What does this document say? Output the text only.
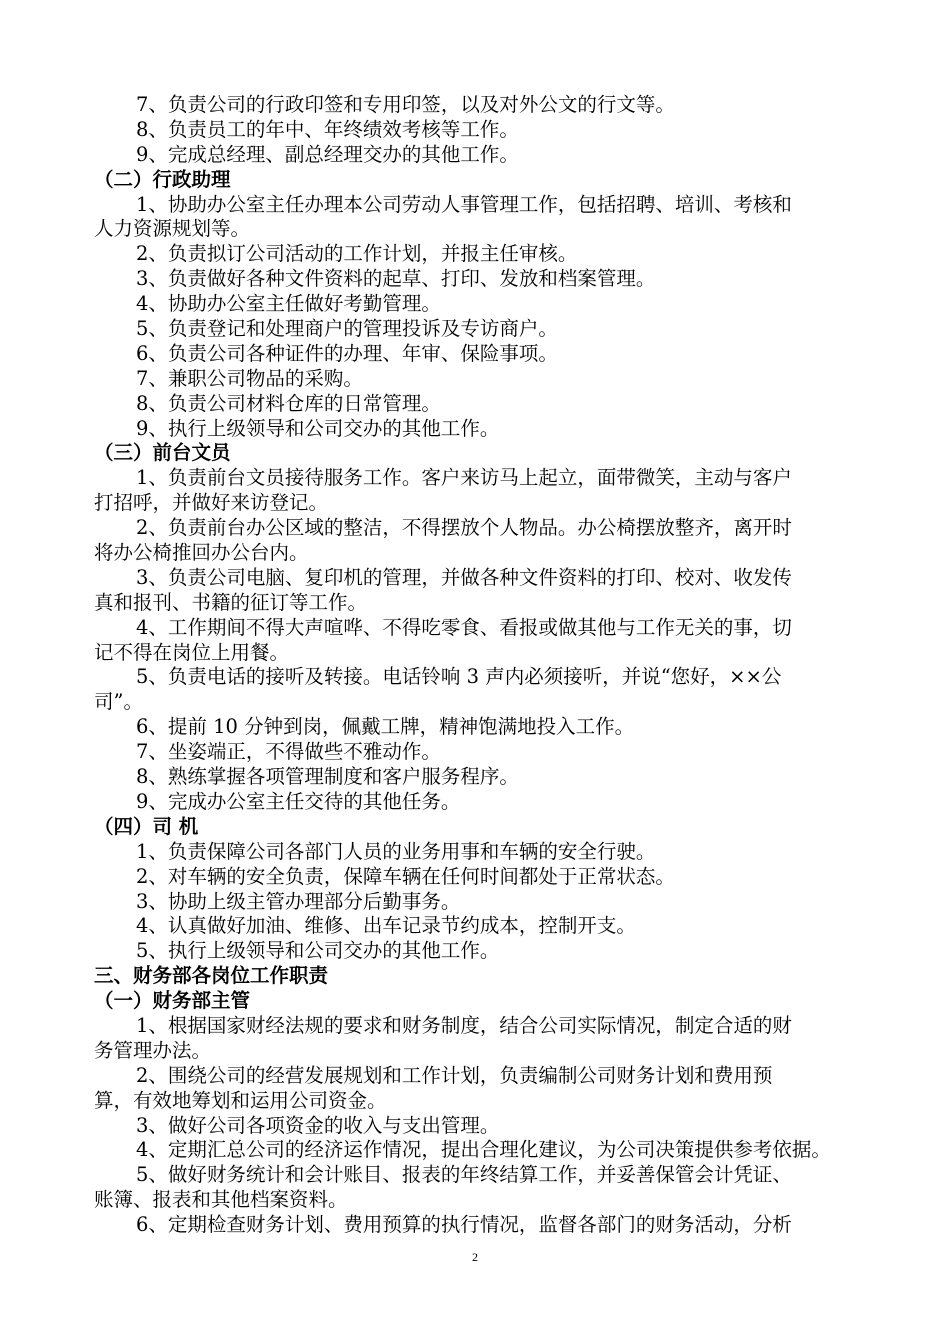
7、负责公司的行政印签和专用印签，以及对外公文的行文等。
8、负责员工的年中、年终绩效考核等工作。
9、完成总经理、副总经理交办的其他工作。
（二）行政助理
1、协助办公室主任办理本公司劳动人事管理工作，包括招聘、培训、考核和
人力资源规划等。
2、负责拟订公司活动的工作计划，并报主任审核。
3、负责做好各种文件资料的起草、打印、发放和档案管理。
4、协助办公室主任做好考勤管理。
5、负责登记和处理商户的管理投诉及专访商户。
6、负责公司各种证件的办理、年审、保险事项。
7、兼职公司物品的采购。
8、负责公司材料仓库的日常管理。
9、执行上级领导和公司交办的其他工作。
（三）前台文员
1、负责前台文员接待服务工作。客户来访马上起立，面带微笑，主动与客户
打招呼，并做好来访登记。
2、负责前台办公区域的整洁，不得摆放个人物品。办公椅摆放整齐，离开时
将办公椅推回办公台内。
3、负责公司电脑、复印机的管理，并做各种文件资料的打印、校对、收发传
真和报刊、书籍的征订等工作。
4、工作期间不得大声喧哗、不得吃零食、看报或做其他与工作无关的事，切
记不得在岗位上用餐。
5、负责电话的接听及转接。电话铃响 3 声内必须接听，并说“您好，××公
司”。
6、提前 10 分钟到岗，佩戴工牌，精神饱满地投入工作。
7、坐姿端正，不得做些不雅动作。
8、熟练掌握各项管理制度和客户服务程序。
9、完成办公室主任交待的其他任务。
（四）司 机
1、负责保障公司各部门人员的业务用事和车辆的安全行驶。
2、对车辆的安全负责，保障车辆在任何时间都处于正常状态。
3、协助上级主管办理部分后勤事务。
4、认真做好加油、维修、出车记录节约成本，控制开支。
5、执行上级领导和公司交办的其他工作。
三、财务部各岗位工作职责
（一）财务部主管
1、根据国家财经法规的要求和财务制度，结合公司实际情况，制定合适的财
务管理办法。
2、围绕公司的经营发展规划和工作计划，负责编制公司财务计划和费用预
算，有效地筹划和运用公司资金。
3、做好公司各项资金的收入与支出管理。
4、定期汇总公司的经济运作情况，提出合理化建议，为公司决策提供参考依据。
5、做好财务统计和会计账目、报表的年终结算工作，并妥善保管会计凭证、
账簿、报表和其他档案资料。
6、定期检查财务计划、费用预算的执行情况，监督各部门的财务活动，分析
2
